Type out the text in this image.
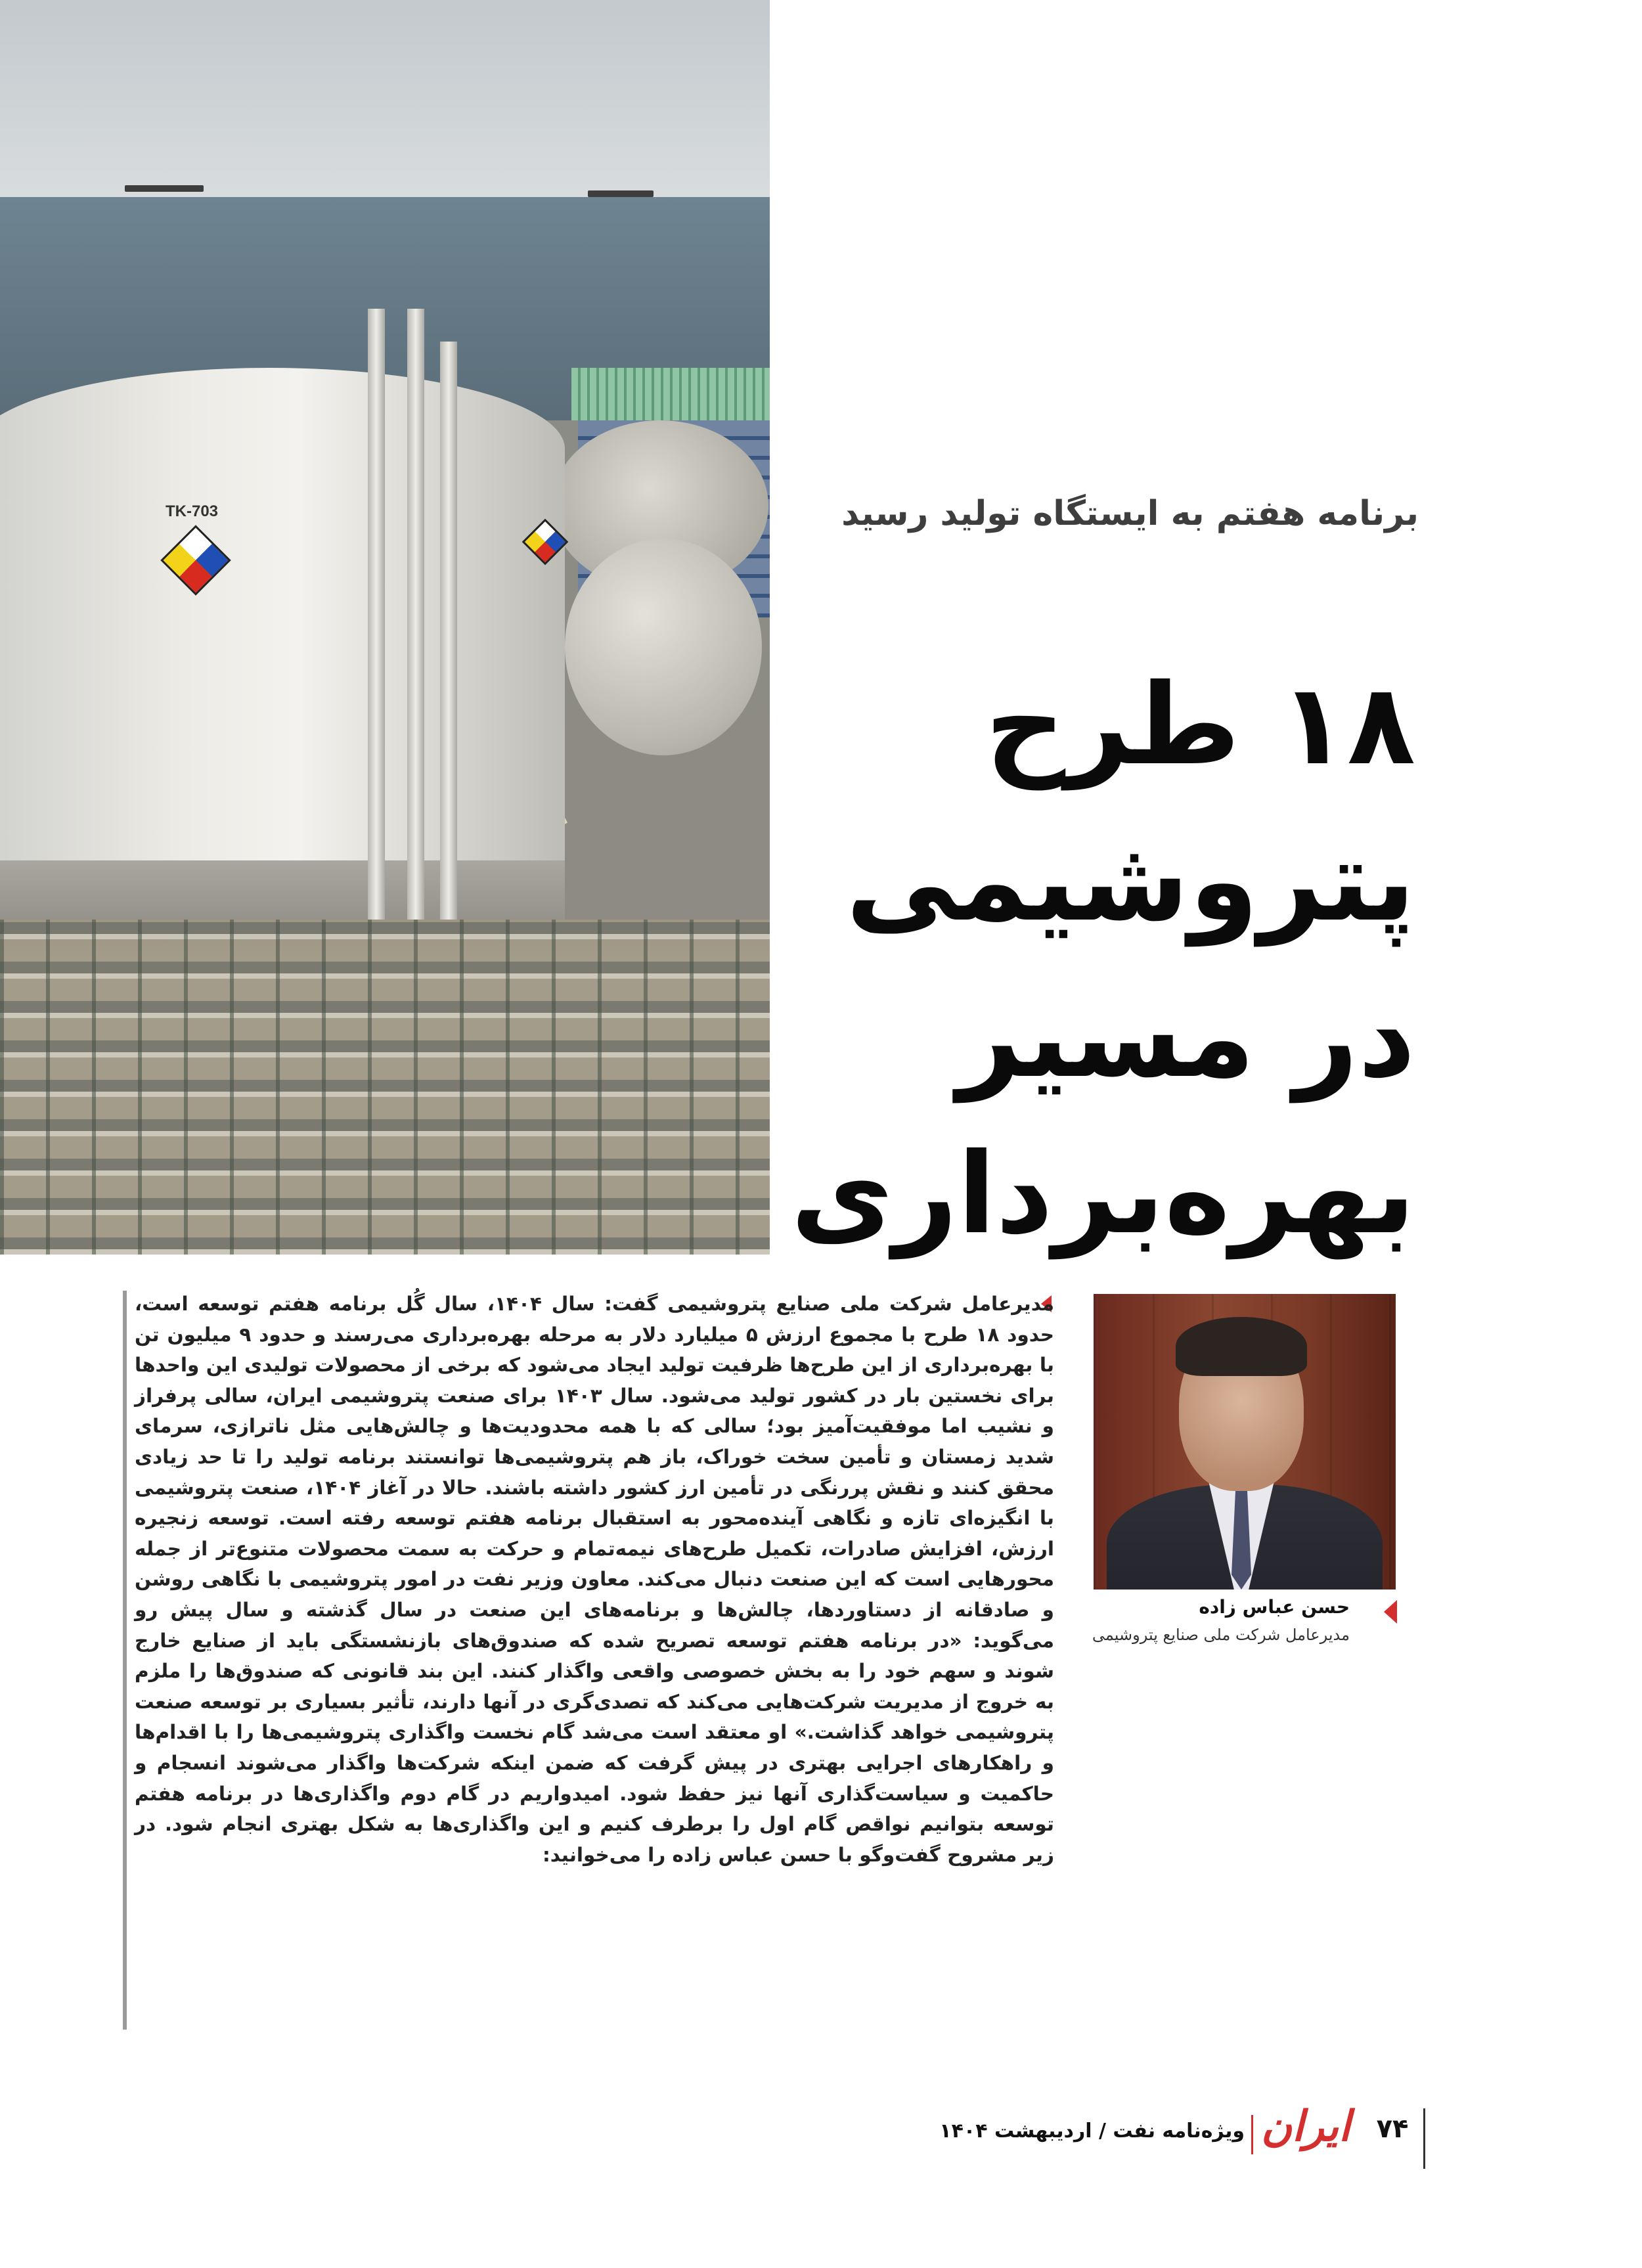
TK-703	برنامه هفتم به ایستگاه تولید رسید
۱۸ طرح
پتروشیمی
در مسیر
بهره‌برداری
حسن عباس زاده
مدیرعامل شرکت ملی صنایع پتروشیمی
مدیرعامل شرکت ملی صنایع پتروشیمی گفت: سال ۱۴۰۴، سال گُل برنامه هفتم توسعه است، حدود ۱۸ طرح با مجموع ارزش ۵ میلیارد دلار به مرحله بهره‌برداری می‌رسند و حدود ۹ میلیون تن با بهره‌برداری از این طرح‌ها ظرفیت تولید ایجاد می‌شود که برخی از محصولات تولیدی این واحدها برای نخستین بار در کشور تولید می‌شود. سال ۱۴۰۳ برای صنعت پتروشیمی ایران، سالی پرفراز و نشیب اما موفقیت‌آمیز بود؛ سالی که با همه محدودیت‌ها و چالش‌هایی مثل ناترازی، سرمای شدید زمستان و تأمین سخت خوراک، باز هم پتروشیمی‌ها توانستند برنامه تولید را تا حد زیادی محقق کنند و نقش پررنگی در تأمین ارز کشور داشته باشند. حالا در آغاز ۱۴۰۴، صنعت پتروشیمی با انگیزه‌ای تازه و نگاهی آینده‌محور به استقبال برنامه هفتم توسعه رفته است. توسعه زنجیره ارزش، افزایش صادرات، تکمیل طرح‌های نیمه‌تمام و حرکت به سمت محصولات متنوع‌تر از جمله محورهایی است که این صنعت دنبال می‌کند. معاون وزیر نفت در امور پتروشیمی با نگاهی روشن و صادقانه از دستاوردها، چالش‌ها و برنامه‌های این صنعت در سال گذشته و سال پیش رو می‌گوید: «در برنامه هفتم توسعه تصریح شده که صندوق‌های بازنشستگی باید از صنایع خارج شوند و سهم خود را به بخش خصوصی واقعی واگذار کنند. این بند قانونی که صندوق‌ها را ملزم به خروج از مدیریت شرکت‌هایی می‌کند که تصدی‌گری در آنها دارند، تأثیر بسیاری بر توسعه صنعت پتروشیمی خواهد گذاشت.» او معتقد است می‌شد گام نخست واگذاری پتروشیمی‌ها را با اقدام‌ها و راهکارهای اجرایی بهتری در پیش گرفت که ضمن اینکه شرکت‌ها واگذار می‌شوند انسجام و حاکمیت و سیاست‌گذاری آنها نیز حفظ شود. امیدواریم در گام دوم واگذاری‌ها در برنامه هفتم توسعه بتوانیم نواقص گام اول را برطرف کنیم و این واگذاری‌ها به شکل بهتری انجام شود. در زیر مشروح گفت‌وگو با حسن عباس زاده را می‌خوانید:
۷۴
ایران
ویژه‌نامه نفت / اردیبهشت ۱۴۰۴
